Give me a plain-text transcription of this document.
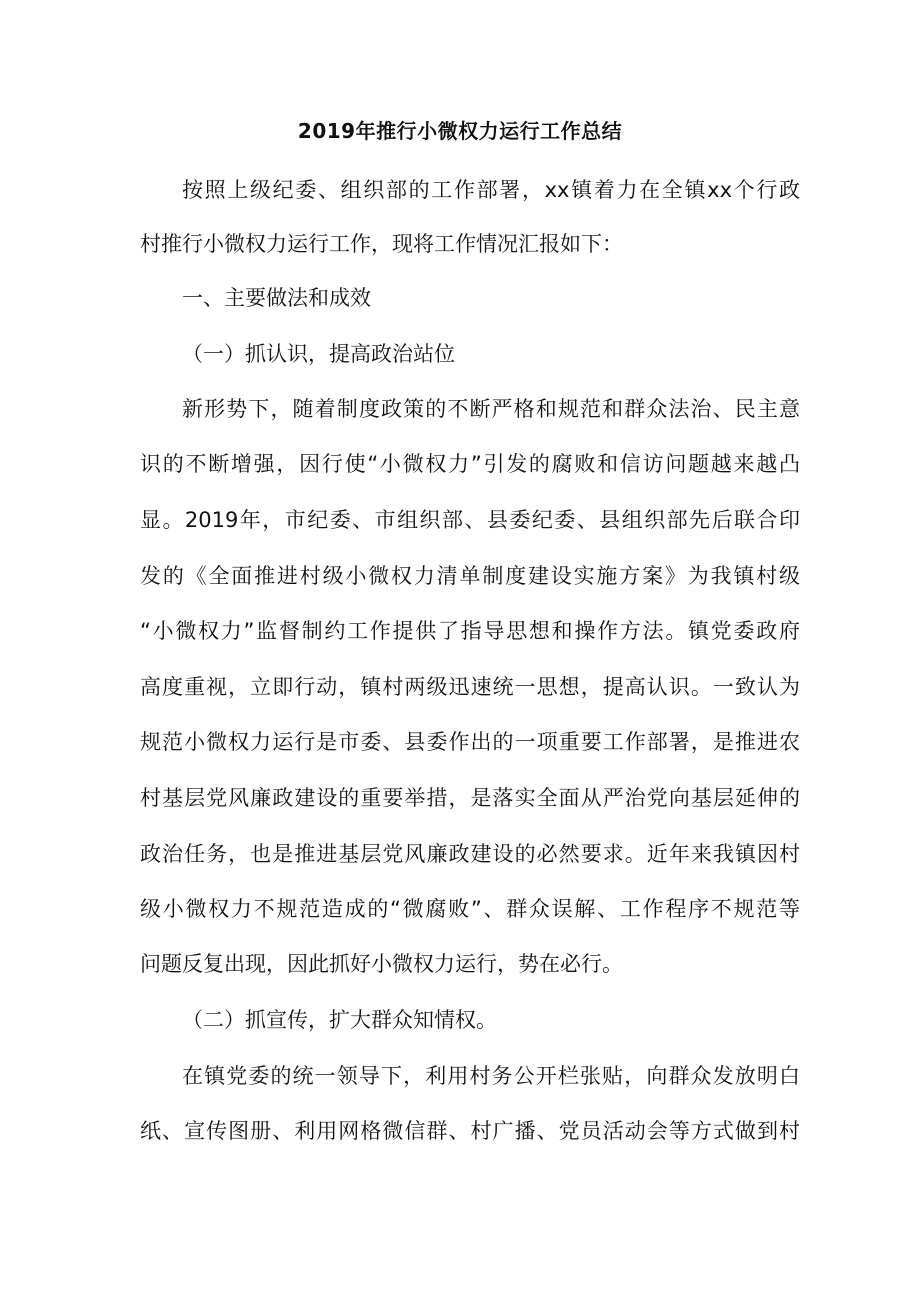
2019年推行小微权力运行工作总结
按照上级纪委、组织部的工作部署，xx镇着力在全镇xx个行政
村推行小微权力运行工作，现将工作情况汇报如下：
一、主要做法和成效
（一）抓认识，提高政治站位
新形势下，随着制度政策的不断严格和规范和群众法治、民主意
识的不断增强，因行使“小微权力”引发的腐败和信访问题越来越凸
显。2019年，市纪委、市组织部、县委纪委、县组织部先后联合印
发的《全面推进村级小微权力清单制度建设实施方案》为我镇村级
“小微权力”监督制约工作提供了指导思想和操作方法。镇党委政府
高度重视，立即行动，镇村两级迅速统一思想，提高认识。一致认为
规范小微权力运行是市委、县委作出的一项重要工作部署，是推进农
村基层党风廉政建设的重要举措，是落实全面从严治党向基层延伸的
政治任务，也是推进基层党风廉政建设的必然要求。近年来我镇因村
级小微权力不规范造成的“微腐败”、群众误解、工作程序不规范等
问题反复出现，因此抓好小微权力运行，势在必行。
（二）抓宣传，扩大群众知情权。
在镇党委的统一领导下，利用村务公开栏张贴，向群众发放明白
纸、宣传图册、利用网格微信群、村广播、党员活动会等方式做到村
